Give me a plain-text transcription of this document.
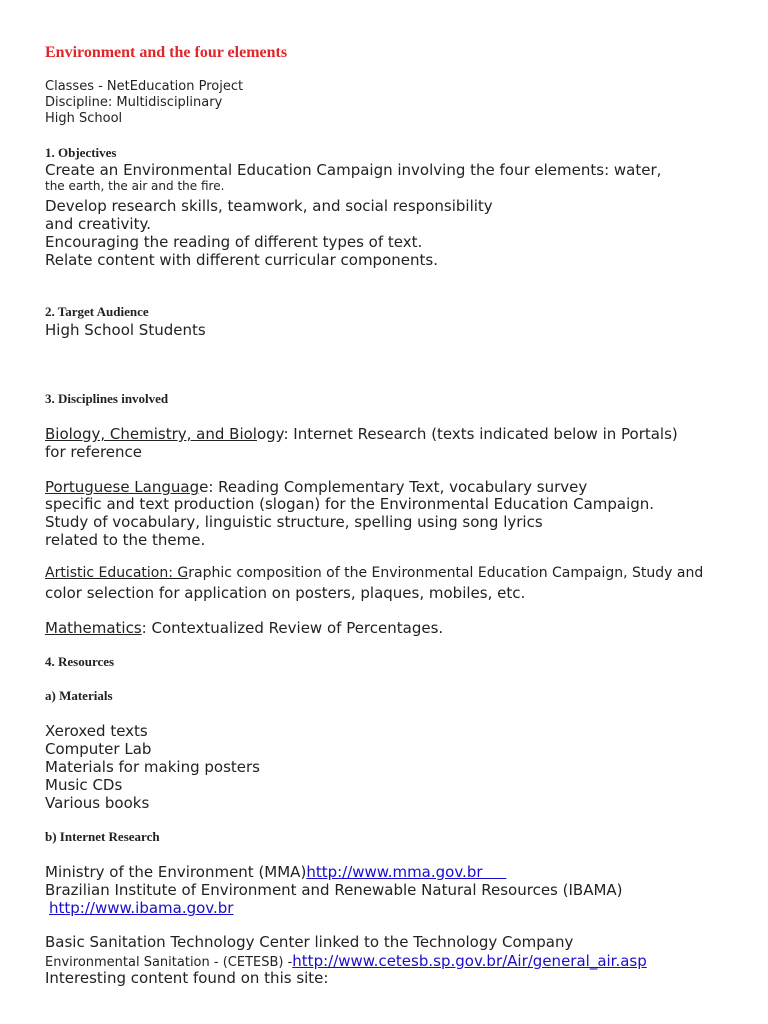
Environment and the four elements
Classes - NetEducation Project
Discipline: Multidisciplinary
High School
1. Objectives
Create an Environmental Education Campaign involving the four elements: water,
the earth, the air and the fire.
Develop research skills, teamwork, and social responsibility
and creativity.
Encouraging the reading of different types of text.
Relate content with different curricular components.
2. Target Audience
High School Students
3. Disciplines involved
Biology, Chemistry, and Biology: Internet Research (texts indicated below in Portals)
for reference
Portuguese Language: Reading Complementary Text, vocabulary survey
specific and text production (slogan) for the Environmental Education Campaign.
Study of vocabulary, linguistic structure, spelling using song lyrics
related to the theme.
Artistic Education: Graphic composition of the Environmental Education Campaign, Study and
color selection for application on posters, plaques, mobiles, etc.
Mathematics: Contextualized Review of Percentages.
4. Resources
a) Materials
Xeroxed texts
Computer Lab
Materials for making posters
Music CDs
Various books
b) Internet Research
Ministry of the Environment (MMA)http://www.mma.gov.br
Brazilian Institute of Environment and Renewable Natural Resources (IBAMA)
http://www.ibama.gov.br
Basic Sanitation Technology Center linked to the Technology Company
Environmental Sanitation - (CETESB) -http://www.cetesb.sp.gov.br/Air/general_air.asp
Interesting content found on this site:
